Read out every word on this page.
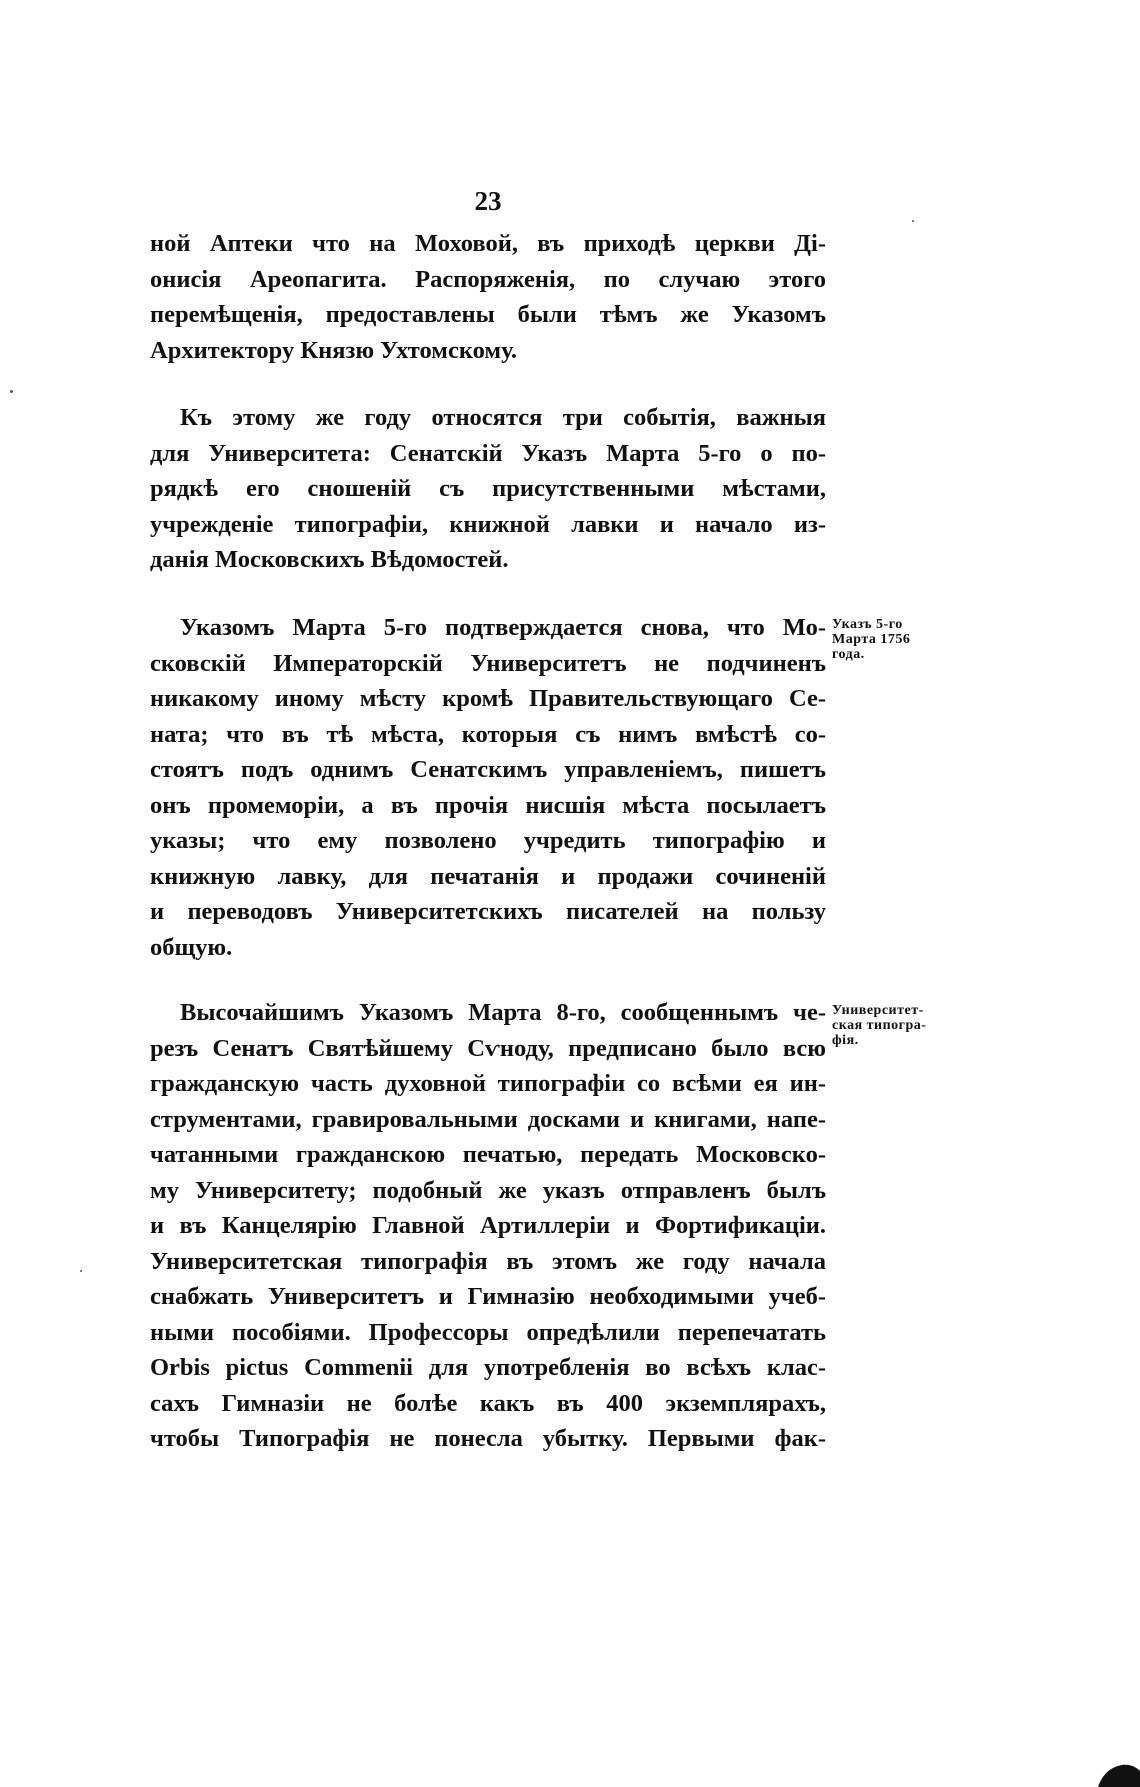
23
ной Аптеки что на Моховой, въ приходѣ церкви Ді-
онисія Ареопагита. Распоряженія, по случаю этого
перемѣщенія, предоставлены были тѣмъ же Указомъ
Архитектору Князю Ухтомскому.
Къ этому же году относятся три событія, важныя
для Университета: Сенатскій Указъ Марта 5-го о по-
рядкѣ его сношеній съ присутственными мѣстами,
учрежденіе типографіи, книжной лавки и начало из-
данія Московскихъ Вѣдомостей.
Указомъ Марта 5-го подтверждается снова, что Мо-
сковскій Императорскій Университетъ не подчиненъ
никакому иному мѣсту кромѣ Правительствующаго Се-
ната; что въ тѣ мѣста, которыя съ нимъ вмѣстѣ со-
стоятъ подъ однимъ Сенатскимъ управленіемъ, пишетъ
онъ промеморіи, а въ прочія нисшія мѣста посылаетъ
указы; что ему позволено учредить типографію и
книжную лавку, для печатанія и продажи сочиненій
и переводовъ Университетскихъ писателей на пользу
общую.
Высочайшимъ Указомъ Марта 8-го, сообщеннымъ че-
резъ Сенатъ Святѣйшему Сѵноду, предписано было всю
гражданскую часть духовной типографіи со всѣми ея ин-
струментами, гравировальными досками и книгами, напе-
чатанными гражданскою печатью, передать Московско-
му Университету; подобный же указъ отправленъ былъ
и въ Канцелярію Главной Артиллеріи и Фортификаціи.
Университетская типографія въ этомъ же году начала
снабжать Университетъ и Гимназію необходимыми учеб-
ными пособіями. Профессоры опредѣлили перепечатать
Orbis pictus Commenii для употребленія во всѣхъ клас-
сахъ Гимназіи не болѣе какъ въ 400 экземплярахъ,
чтобы Типографія не понесла убытку. Первыми фак-
Указъ 5-го
Марта 1756
года.
Университет-
ская типогра-
фія.
